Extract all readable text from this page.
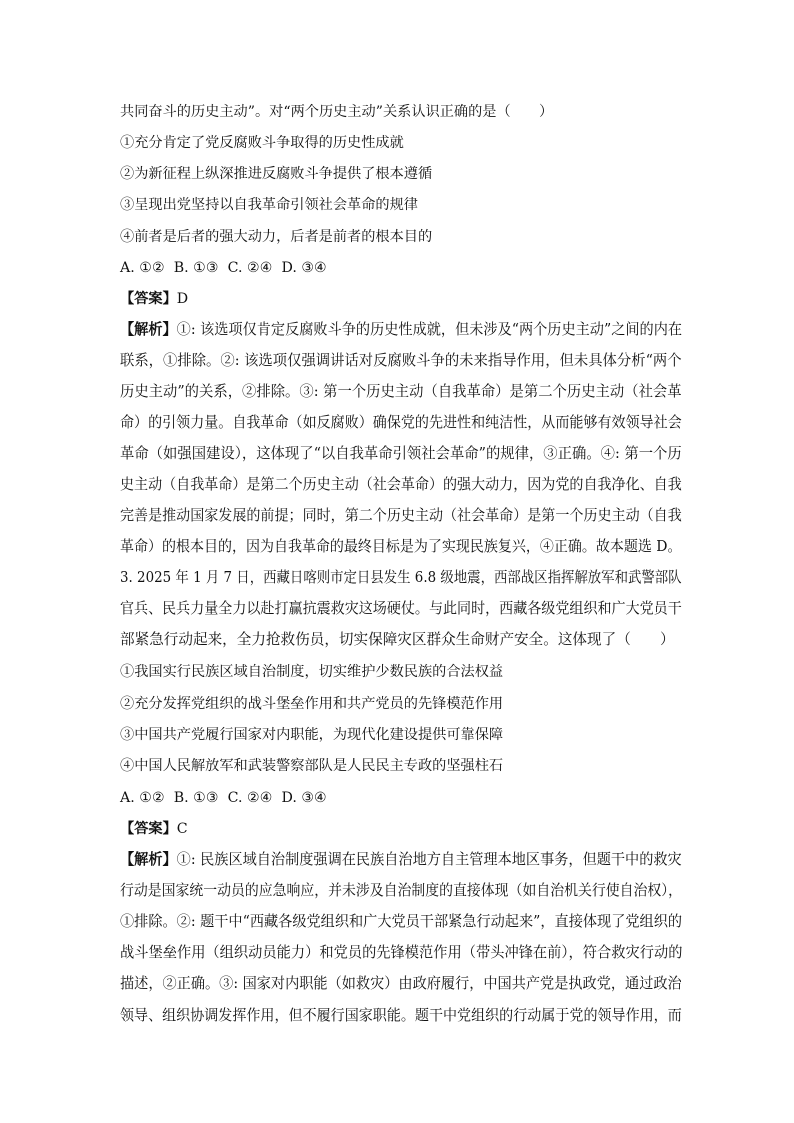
共同奋斗的历史主动”。对“两个历史主动”关系认识正确的是（　　）
①充分肯定了党反腐败斗争取得的历史性成就
②为新征程上纵深推进反腐败斗争提供了根本遵循
③呈现出党坚持以自我革命引领社会革命的规律
④前者是后者的强大动力，后者是前者的根本目的
A. ①②  B. ①③  C. ②④  D. ③④
【答案】D
【解析】①: 该选项仅肯定反腐败斗争的历史性成就，但未涉及“两个历史主动”之间的内在
联系，①排除。②: 该选项仅强调讲话对反腐败斗争的未来指导作用，但未具体分析“两个
历史主动”的关系，②排除。③: 第一个历史主动（自我革命）是第二个历史主动（社会革
命）的引领力量。自我革命（如反腐败）确保党的先进性和纯洁性，从而能够有效领导社会
革命（如强国建设），这体现了“以自我革命引领社会革命”的规律，③正确。④: 第一个历
史主动（自我革命）是第二个历史主动（社会革命）的强大动力，因为党的自我净化、自我
完善是推动国家发展的前提；同时，第二个历史主动（社会革命）是第一个历史主动（自我
革命）的根本目的，因为自我革命的最终目标是为了实现民族复兴，④正确。故本题选 D。
3. 2025 年 1 月 7 日，西藏日喀则市定日县发生 6.8 级地震，西部战区指挥解放军和武警部队
官兵、民兵力量全力以赴打赢抗震救灾这场硬仗。与此同时，西藏各级党组织和广大党员干
部紧急行动起来，全力抢救伤员，切实保障灾区群众生命财产安全。这体现了（　　）
①我国实行民族区域自治制度，切实维护少数民族的合法权益
②充分发挥党组织的战斗堡垒作用和共产党员的先锋模范作用
③中国共产党履行国家对内职能，为现代化建设提供可靠保障
④中国人民解放军和武装警察部队是人民民主专政的坚强柱石
A. ①②  B. ①③  C. ②④  D. ③④
【答案】C
【解析】①: 民族区域自治制度强调在民族自治地方自主管理本地区事务，但题干中的救灾
行动是国家统一动员的应急响应，并未涉及自治制度的直接体现（如自治机关行使自治权），
①排除。②: 题干中“西藏各级党组织和广大党员干部紧急行动起来”，直接体现了党组织的
战斗堡垒作用（组织动员能力）和党员的先锋模范作用（带头冲锋在前），符合救灾行动的
描述，②正确。③: 国家对内职能（如救灾）由政府履行，中国共产党是执政党，通过政治
领导、组织协调发挥作用，但不履行国家职能。题干中党组织的行动属于党的领导作用，而
